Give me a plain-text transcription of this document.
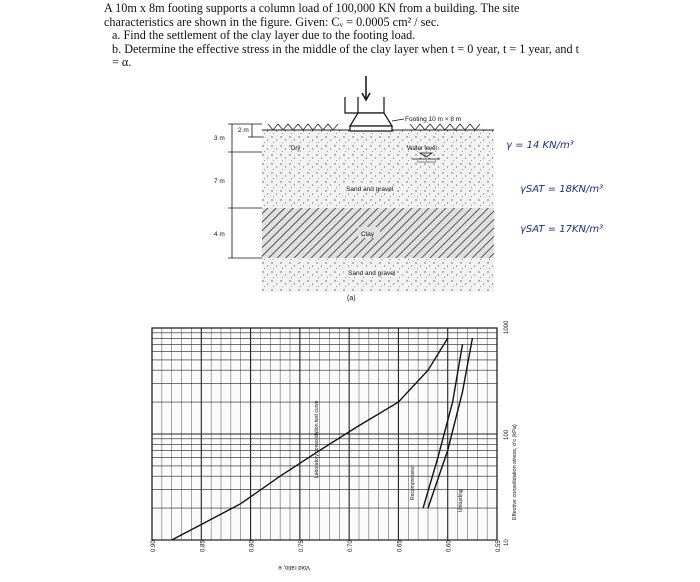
A 10m x 8m footing supports a column load of 100,000 KN from a building. The site

characteristics are shown in the figure. Given: Cᵥ = 0.0005 cm² / sec.

a. Find the settlement of the clay layer due to the footing load.

b. Determine the effective stress in the middle of the clay layer when t = 0 year, t = 1 year, and t

= α.

Footing 10 m × 8 m
Water level
Dry
Sand and gravel
Clay
Sand and gravel
3 m
2 m
7 m
4 m
(a)
γ = 14 KN/m³
γSAT = 18KN/m³
γSAT = 17KN/m³
0.90	0.85	0.80	0.75	0.70	0.65	0.60	0.55 10
100
1000
Void ratio, e
Effective consolidation stress, σ'c (kPa)
Laboratory consolidation test curve
Recompression
Unloading
